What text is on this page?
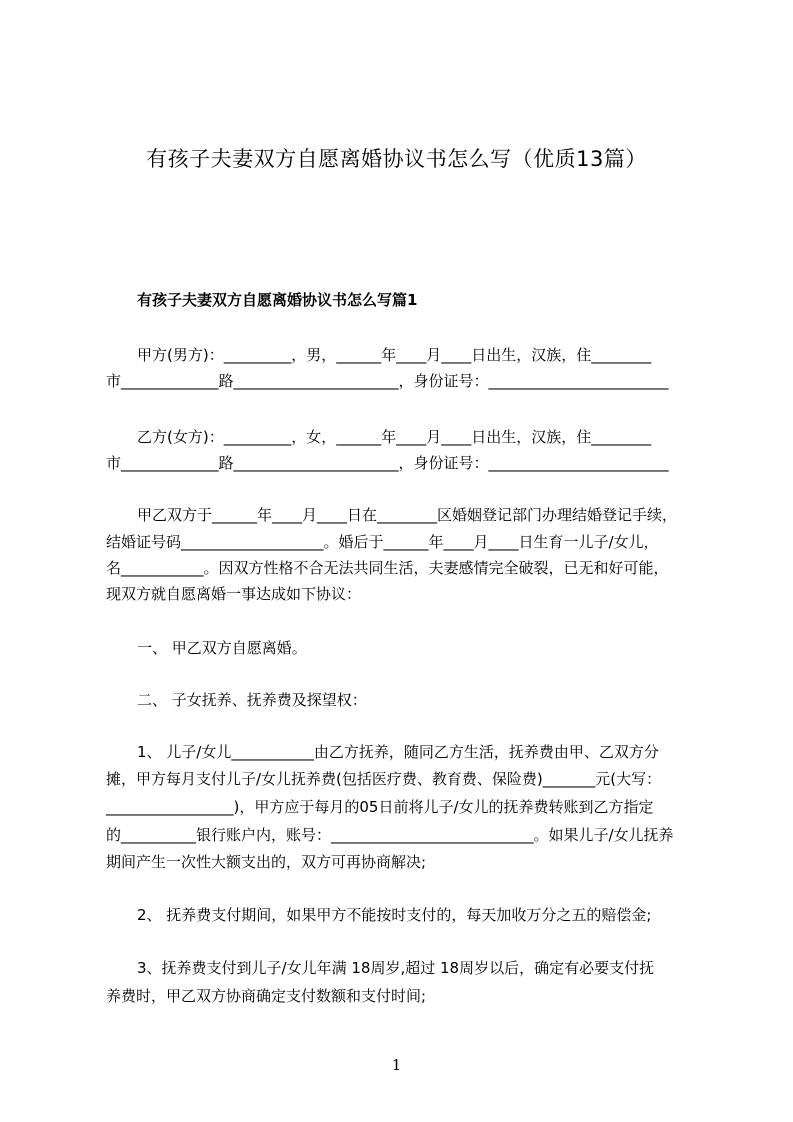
有孩子夫妻双方自愿离婚协议书怎么写（优质13篇）
有孩子夫妻双方自愿离婚协议书怎么写篇1
甲方(男方)：_________，男，______年____月____日出生，汉族，住________
市_____________路______________________，身份证号：________________________
乙方(女方)：_________，女，______年____月____日出生，汉族，住________
市_____________路______________________，身份证号：________________________
甲乙双方于______年____月____日在________区婚姻登记部门办理结婚登记手续，
结婚证号码___________________。婚后于______年____月____日生育一儿子/女儿，
名___________。因双方性格不合无法共同生活，夫妻感情完全破裂，已无和好可能，
现双方就自愿离婚一事达成如下协议：
一、 甲乙双方自愿离婚。
二、 子女抚养、抚养费及探望权：
1、 儿子/女儿___________由乙方抚养，随同乙方生活，抚养费由甲、乙双方分
摊，甲方每月支付儿子/女儿抚养费(包括医疗费、教育费、保险费)_______元(大写：
_________________)，甲方应于每月的05日前将儿子/女儿的抚养费转账到乙方指定
的__________银行账户内，账号：___________________________。如果儿子/女儿抚养
期间产生一次性大额支出的，双方可再协商解决;
2、 抚养费支付期间，如果甲方不能按时支付的，每天加收万分之五的赔偿金;
3、抚养费支付到儿子/女儿年满 18周岁,超过 18周岁以后，确定有必要支付抚
养费时，甲乙双方协商确定支付数额和支付时间;
1
